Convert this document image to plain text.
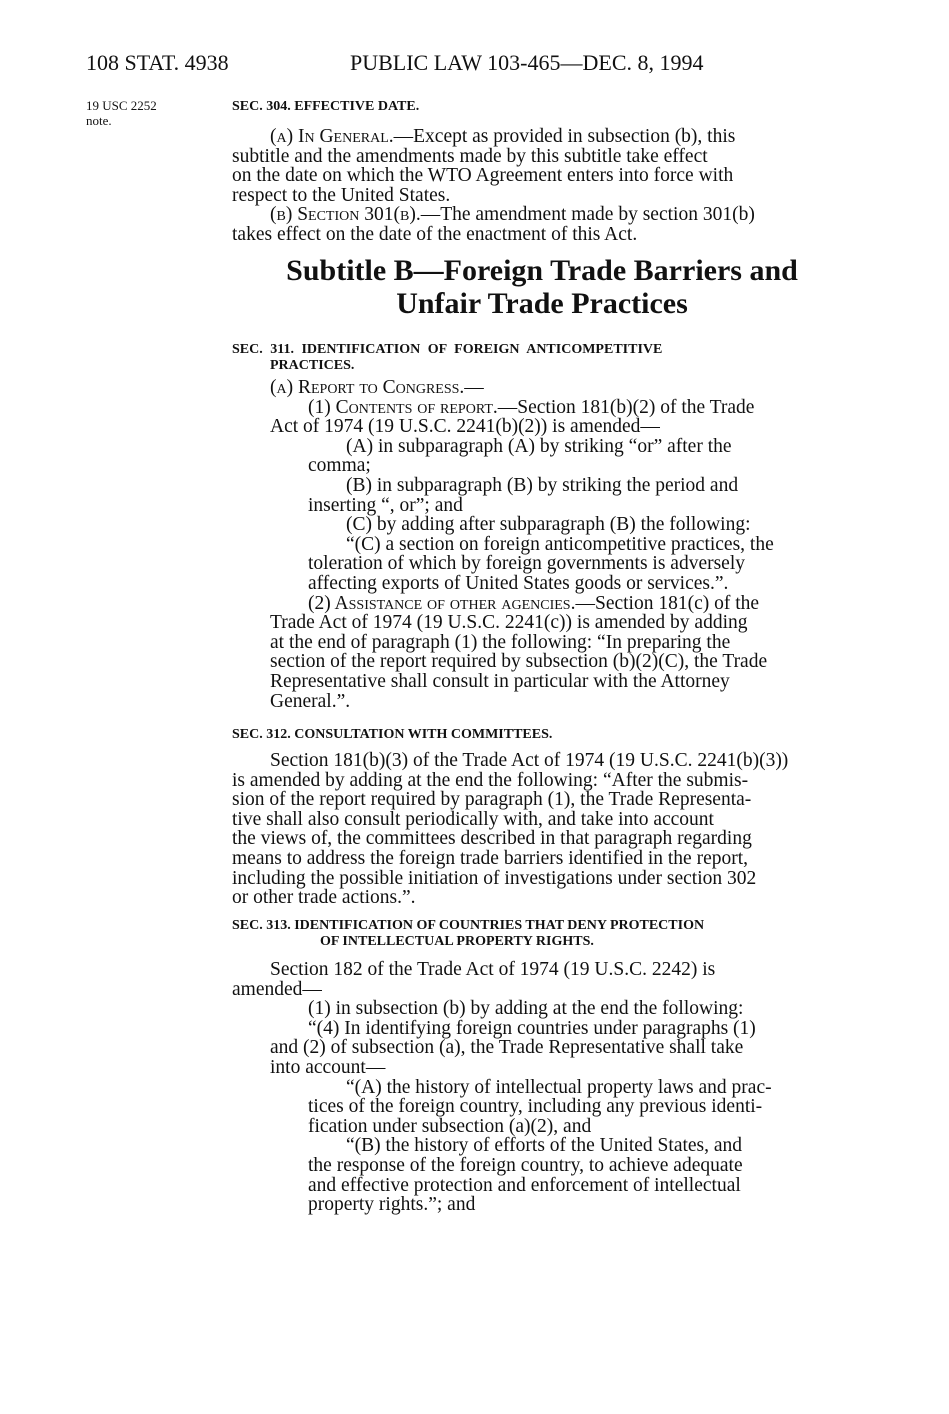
108 STAT. 4938	PUBLIC LAW 103-465—DEC. 8, 1994
19 USC 2252
note.
SEC. 304. EFFECTIVE DATE.

(a) In General.—Except as provided in subsection (b), this

subtitle and the amendments made by this subtitle take effect

on the date on which the WTO Agreement enters into force with

respect to the United States.

(b) Section 301(b).—The amendment made by section 301(b)

takes effect on the date of the enactment of this Act.

Subtitle B—Foreign Trade Barriers and
Unfair Trade Practices
SEC. 311. IDENTIFICATION OF FOREIGN ANTICOMPETITIVE
PRACTICES.

(a) Report to Congress.—

(1) Contents of report.—Section 181(b)(2) of the Trade

Act of 1974 (19 U.S.C. 2241(b)(2)) is amended—

(A) in subparagraph (A) by striking “or” after the

comma;

(B) in subparagraph (B) by striking the period and

inserting “, or”; and

(C) by adding after subparagraph (B) the following:

“(C) a section on foreign anticompetitive practices, the

toleration of which by foreign governments is adversely

affecting exports of United States goods or services.”.

(2) Assistance of other agencies.—Section 181(c) of the

Trade Act of 1974 (19 U.S.C. 2241(c)) is amended by adding

at the end of paragraph (1) the following: “In preparing the

section of the report required by subsection (b)(2)(C), the Trade

Representative shall consult in particular with the Attorney

General.”.

SEC. 312. CONSULTATION WITH COMMITTEES.

Section 181(b)(3) of the Trade Act of 1974 (19 U.S.C. 2241(b)(3))

is amended by adding at the end the following: “After the submis-

sion of the report required by paragraph (1), the Trade Representa-

tive shall also consult periodically with, and take into account

the views of, the committees described in that paragraph regarding

means to address the foreign trade barriers identified in the report,

including the possible initiation of investigations under section 302

or other trade actions.”.

SEC. 313. IDENTIFICATION OF COUNTRIES THAT DENY PROTECTION
OF INTELLECTUAL PROPERTY RIGHTS.

Section 182 of the Trade Act of 1974 (19 U.S.C. 2242) is

amended—

(1) in subsection (b) by adding at the end the following:

“(4) In identifying foreign countries under paragraphs (1)

and (2) of subsection (a), the Trade Representative shall take

into account—

“(A) the history of intellectual property laws and prac-

tices of the foreign country, including any previous identi-

fication under subsection (a)(2), and

“(B) the history of efforts of the United States, and

the response of the foreign country, to achieve adequate

and effective protection and enforcement of intellectual

property rights.”; and
